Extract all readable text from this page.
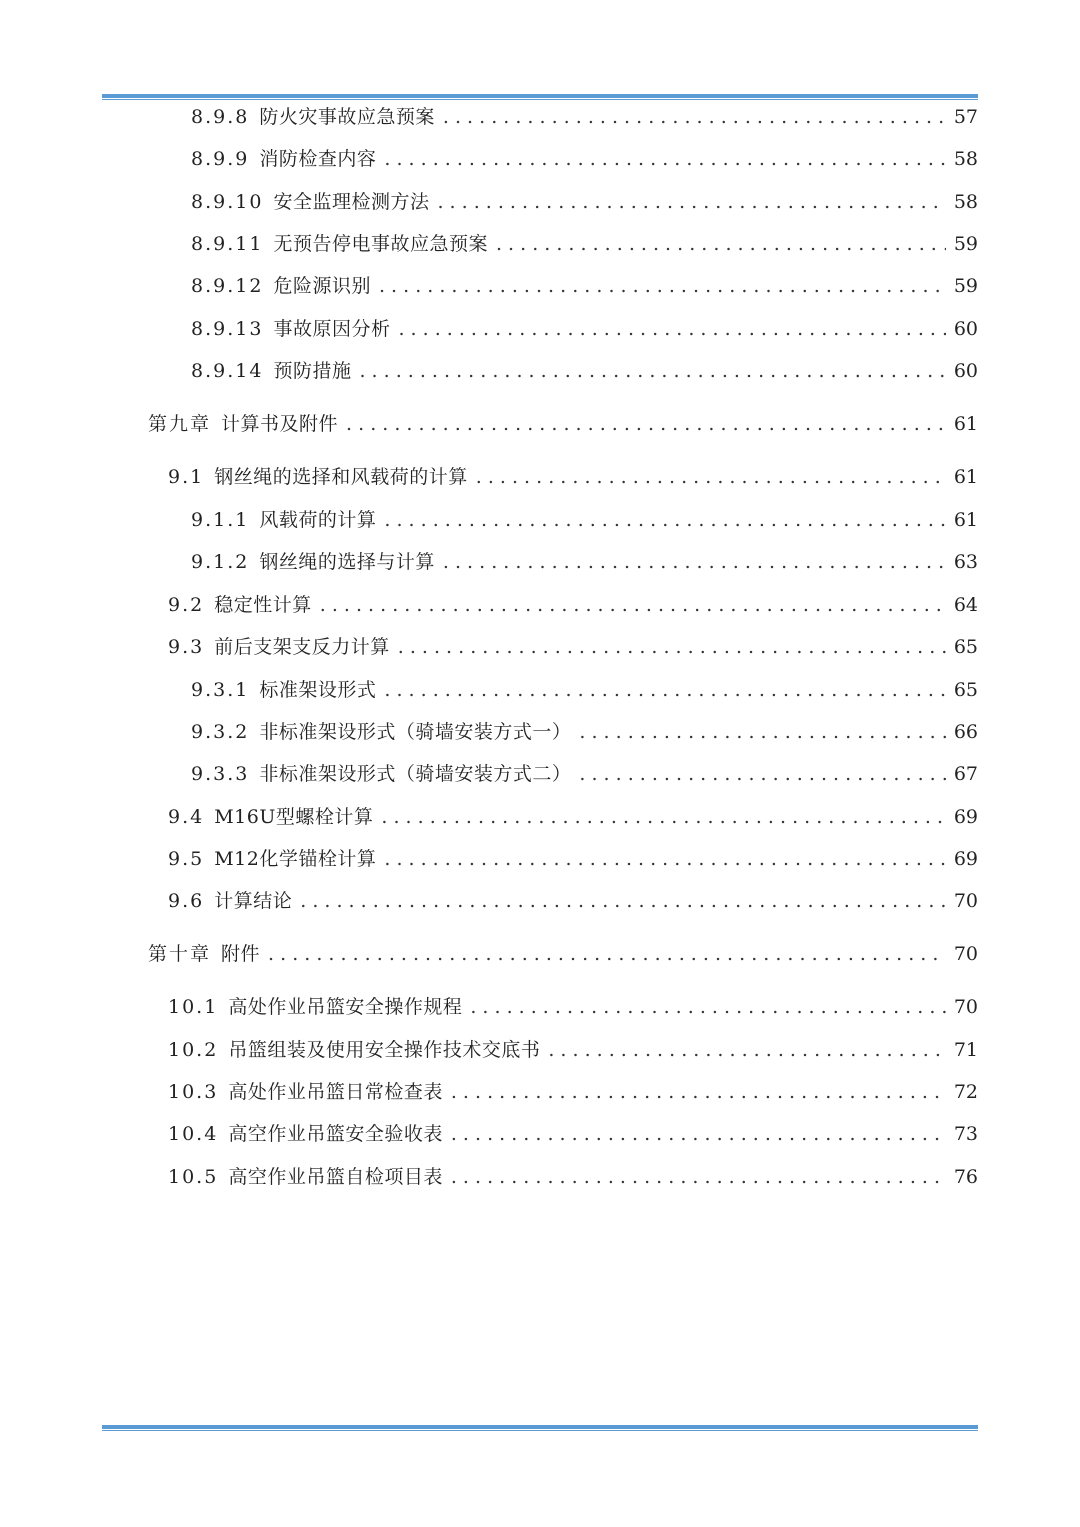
8.9.8 防火灾事故应急预案 . . .	57
8.9.9 消防检查内容 . . .	58
8.9.10 安全监理检测方法 . . .	58
8.9.11 无预告停电事故应急预案 . . .	59
8.9.12 危险源识别 . . .	59
8.9.13 事故原因分析 . . .	60
8.9.14 预防措施 . . .	60
第九章 计算书及附件 . . .	61
9.1 钢丝绳的选择和风载荷的计算 . . .	61
9.1.1 风载荷的计算 . . .	61
9.1.2 钢丝绳的选择与计算 . . .	63
9.2 稳定性计算 . . .	64
9.3 前后支架支反力计算 . . .	65
9.3.1 标准架设形式 . . .	65
9.3.2 非标准架设形式（骑墙安装方式一） . . .	66
9.3.3 非标准架设形式（骑墙安装方式二） . . .	67
9.4 M16U型螺栓计算 . . .	69
9.5 M12化学锚栓计算 . . .	69
9.6 计算结论 . . .	70
第十章 附件 . . .	70
10.1 高处作业吊篮安全操作规程 . . .	70
10.2 吊篮组装及使用安全操作技术交底书 . . .	71
10.3 高处作业吊篮日常检查表 . . .	72
10.4 高空作业吊篮安全验收表 . . .	73
10.5 高空作业吊篮自检项目表 . . .	76
